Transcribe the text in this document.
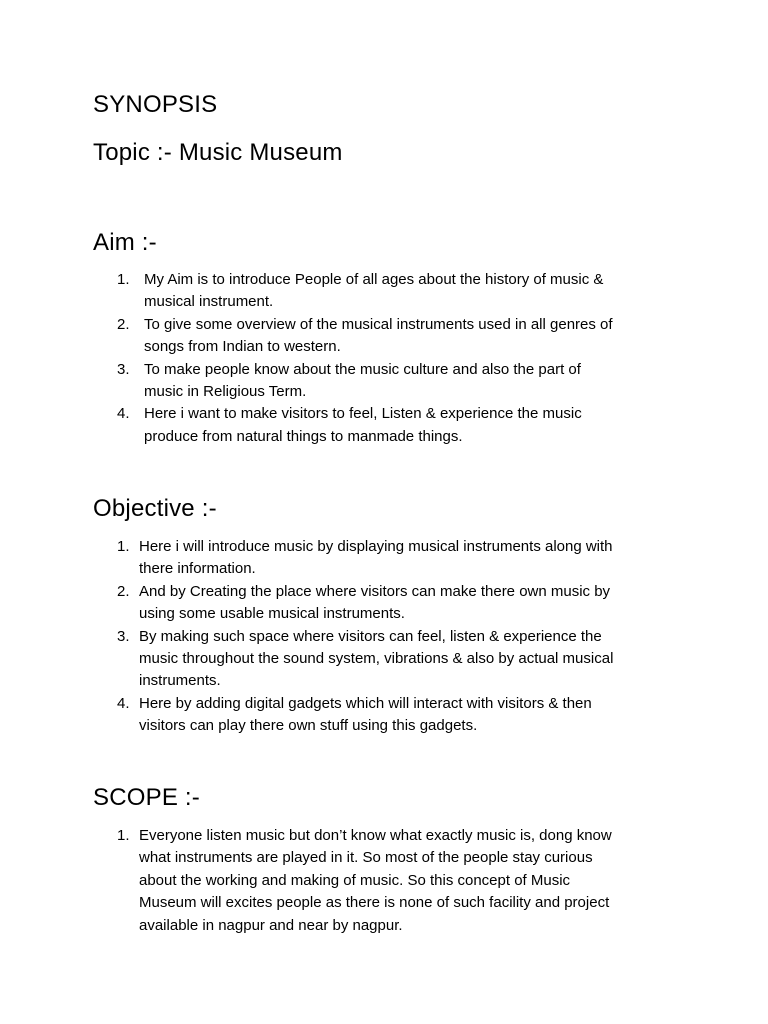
SYNOPSIS
Topic :- Music Museum
Aim :-
1. My Aim is to introduce People of all ages about the history of music &
musical instrument.
2. To give some overview of the musical instruments used in all genres of
songs from Indian to western.
3. To make people know about the music culture and also the part of
music in Religious Term.
4. Here i want to make visitors to feel, Listen & experience the music
produce from natural things to manmade things.
Objective :-
1. Here i will introduce music by displaying musical instruments along with
there information.
2. And by Creating the place where visitors can make there own music by
using some usable musical instruments.
3. By making such space where visitors can feel, listen & experience the
music throughout the sound system, vibrations & also by actual musical
instruments.
4. Here by adding digital gadgets which will interact with visitors & then
visitors can play there own stuff using this gadgets.
SCOPE :-
1. Everyone listen music but don’t know what exactly music is, dong know
what instruments are played in it. So most of the people stay curious
about the working and making of music. So this concept of Music
Museum will excites people as there is none of such facility and project
available in nagpur and near by nagpur.
